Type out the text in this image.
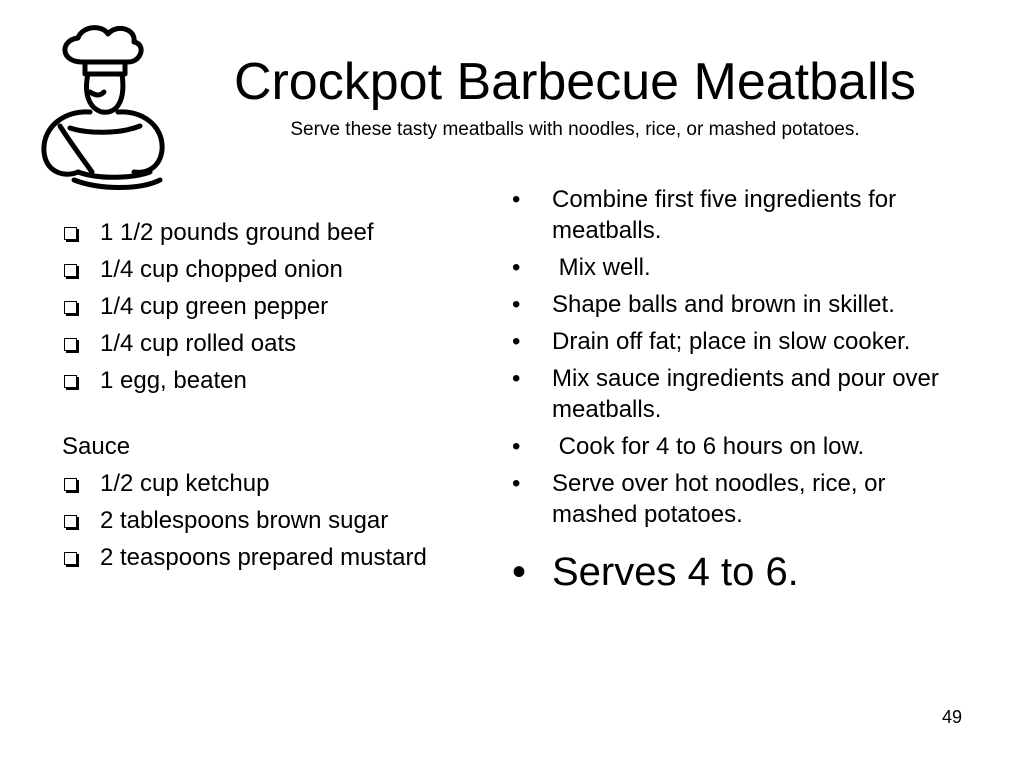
Crockpot Barbecue Meatballs
Serve these tasty meatballs with noodles, rice, or mashed potatoes.
1 1/2 pounds ground beef
1/4 cup chopped onion
1/4 cup green pepper
1/4 cup rolled oats
1 egg, beaten
Sauce
1/2 cup ketchup
2 tablespoons brown sugar
2 teaspoons prepared mustard
• Combine first five ingredients for meatballs.
• Mix well.
• Shape balls and brown in skillet.
• Drain off fat; place in slow cooker.
• Mix sauce ingredients and pour over meatballs.
• Cook for 4 to 6 hours on low.
• Serve over hot noodles, rice, or mashed potatoes.
• Serves 4 to 6.
49
